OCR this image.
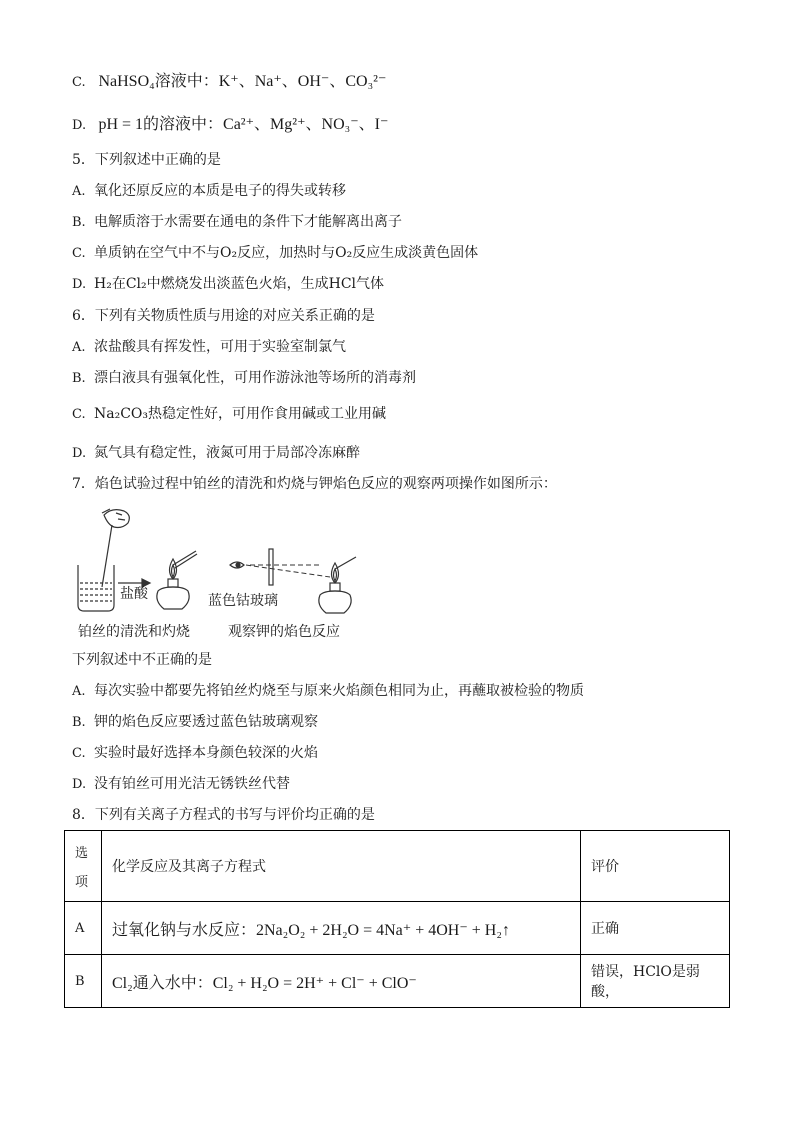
C. NaHSO₄溶液中：K⁺、Na⁺、OH⁻、CO₃²⁻
D. pH = 1的溶液中：Ca²⁺、Mg²⁺、NO₃⁻、I⁻
5．下列叙述中正确的是
A. 氧化还原反应的本质是电子的得失或转移
B. 电解质溶于水需要在通电的条件下才能解离出离子
C. 单质钠在空气中不与O₂反应，加热时与O₂反应生成淡黄色固体
D. H₂在Cl₂中燃烧发出淡蓝色火焰，生成HCl气体
6．下列有关物质性质与用途的对应关系正确的是
A. 浓盐酸具有挥发性，可用于实验室制氯气
B. 漂白液具有强氧化性，可用作游泳池等场所的消毒剂
C. Na₂CO₃热稳定性好，可用作食用碱或工业用碱
D. 氮气具有稳定性，液氮可用于局部冷冻麻醉
7．焰色试验过程中铂丝的清洗和灼烧与钾焰色反应的观察两项操作如图所示：
盐酸	蓝色钴玻璃
铂丝的清洗和灼烧	观察钾的焰色反应
下列叙述中不正确的是
A. 每次实验中都要先将铂丝灼烧至与原来火焰颜色相同为止，再蘸取被检验的物质
B. 钾的焰色反应要透过蓝色钴玻璃观察
C. 实验时最好选择本身颜色较深的火焰
D. 没有铂丝可用光洁无锈铁丝代替
8．下列有关离子方程式的书写与评价均正确的是
选
项	化学反应及其离子方程式	评价
A	过氧化钠与水反应：2Na₂O₂ + 2H₂O = 4Na⁺ + 4OH⁻ + H₂↑	正确
B	Cl₂通入水中：Cl₂ + H₂O = 2H⁺ + Cl⁻ + ClO⁻	错误，HClO是弱酸，
